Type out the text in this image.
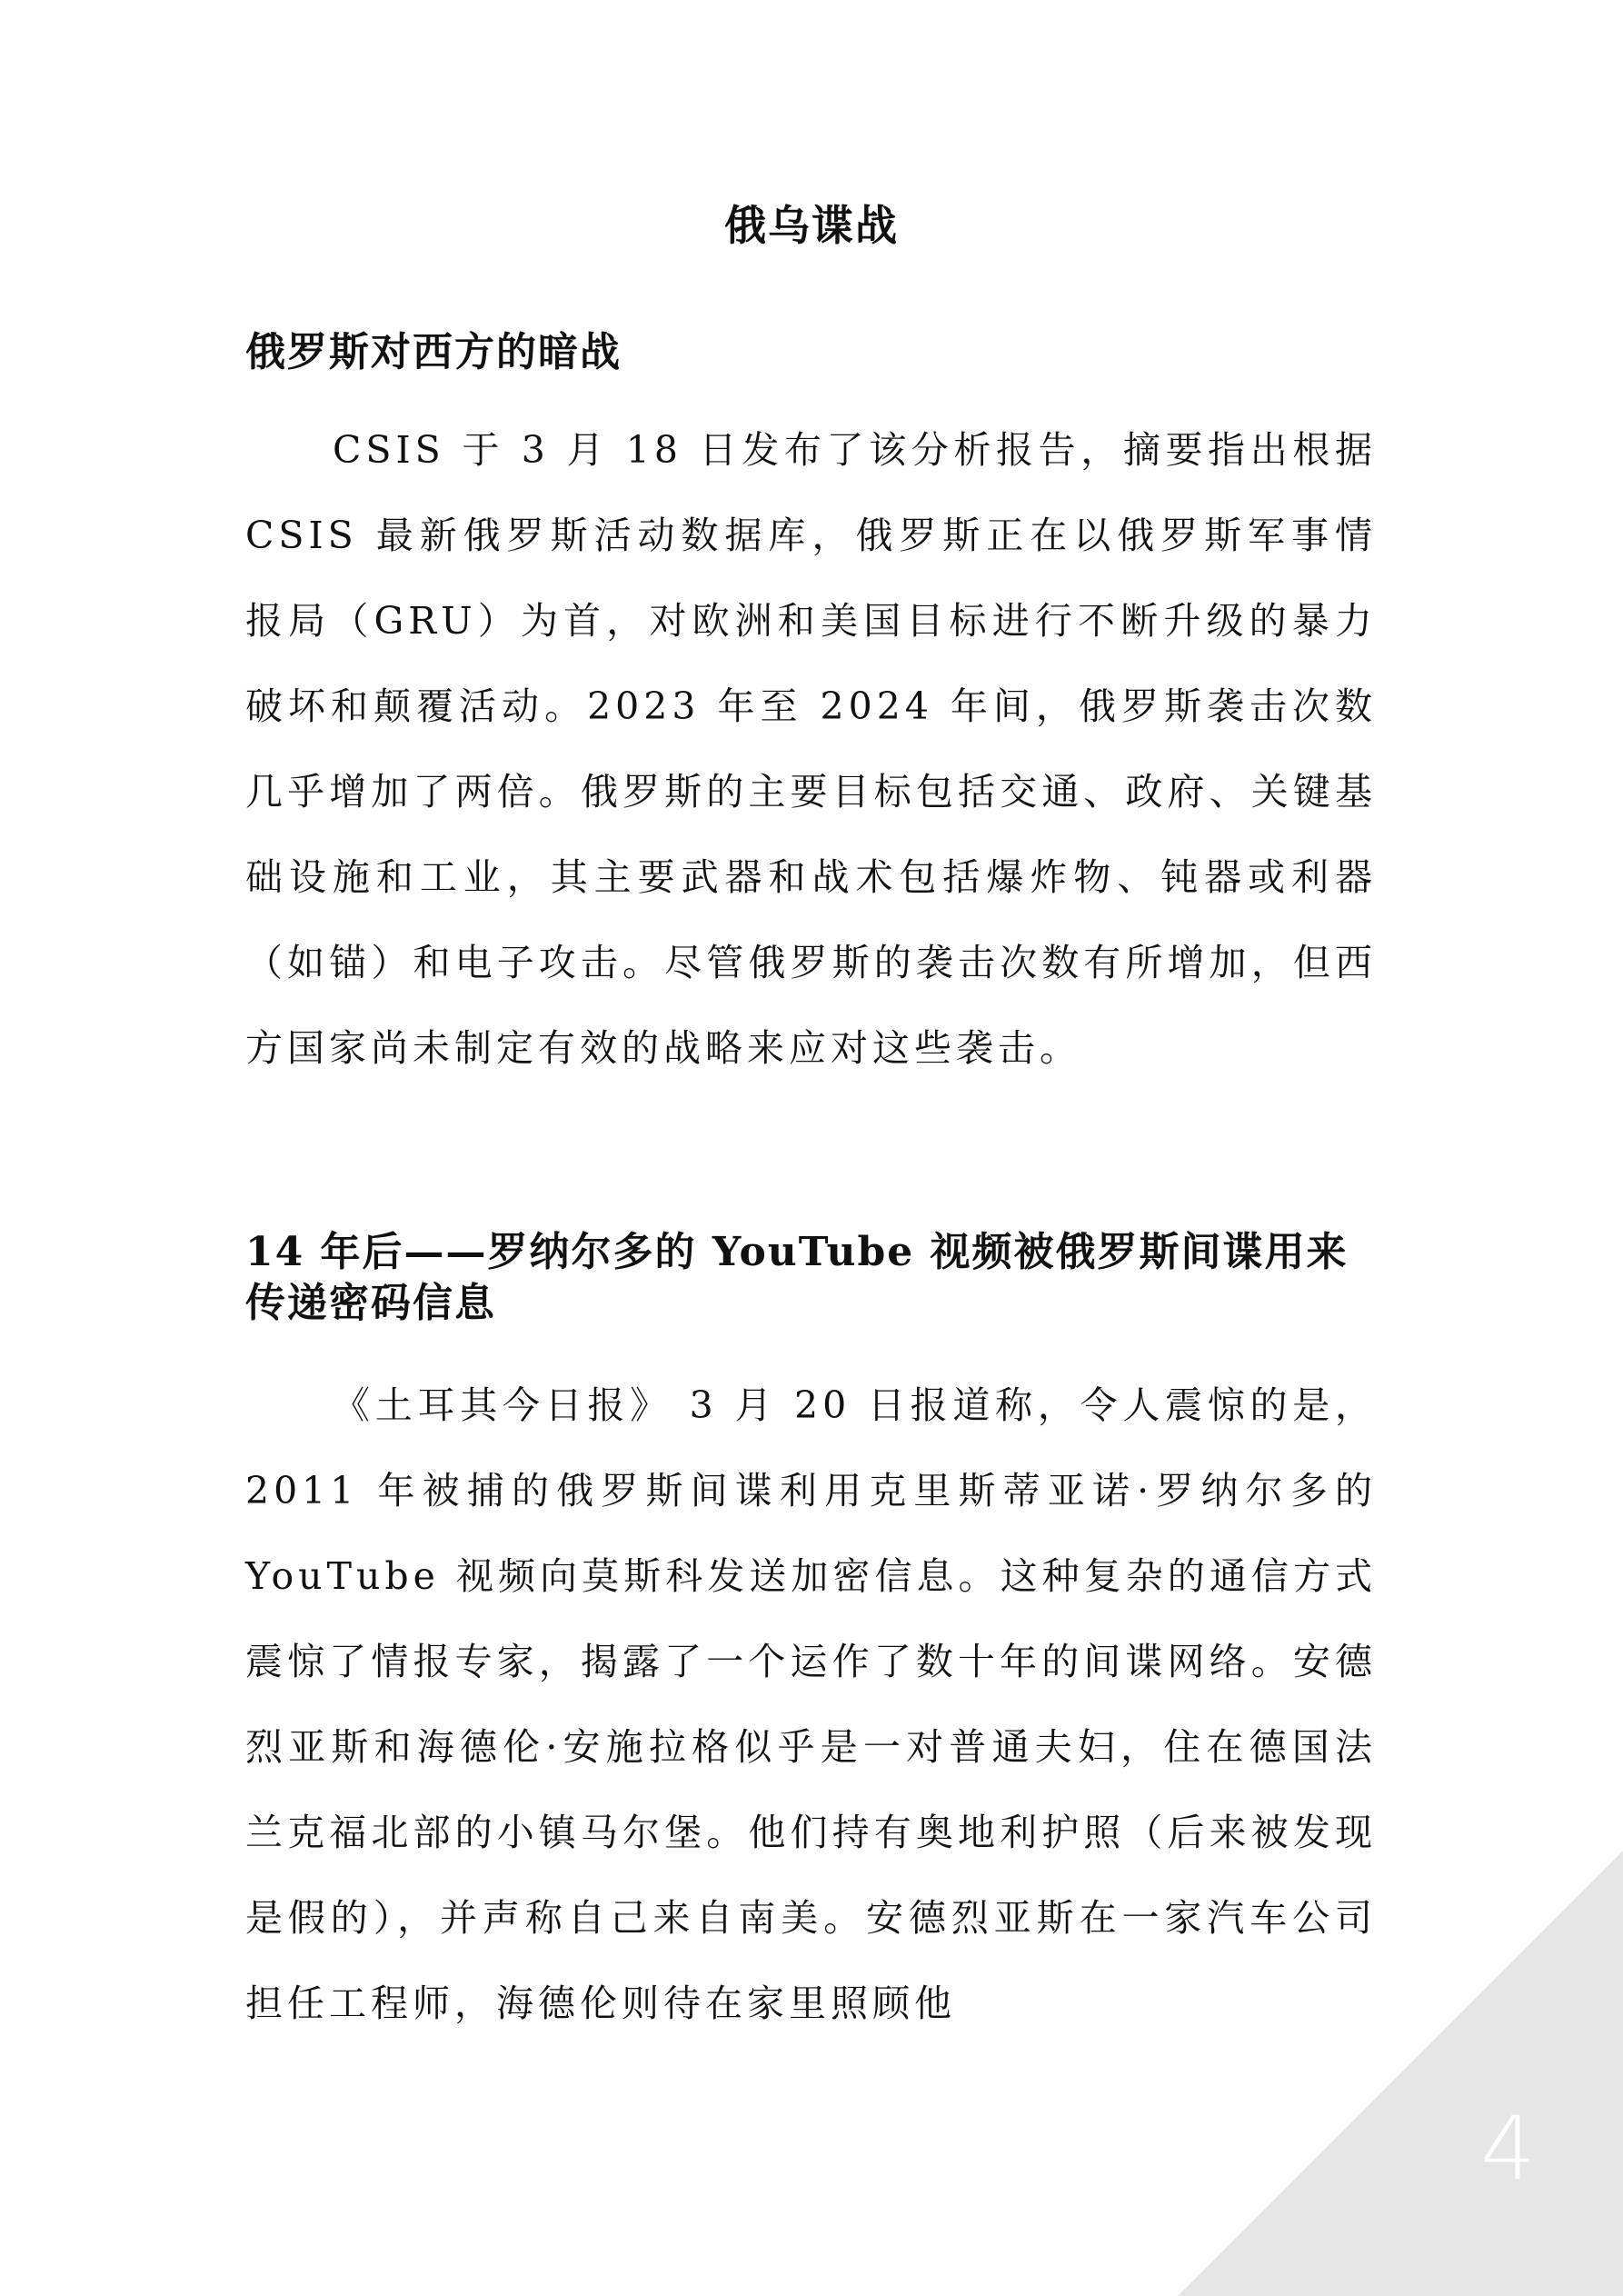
俄乌谍战
俄罗斯对西方的暗战

CSIS 于 3 月 18 日发布了该分析报告，摘要指出根据 CSIS 最新俄罗斯活动数据库，俄罗斯正在以俄罗斯军事情报局（GRU）为首，对欧洲和美国目标进行不断升级的暴力破坏和颠覆活动。2023 年至 2024 年间，俄罗斯袭击次数几乎增加了两倍。俄罗斯的主要目标包括交通、政府、关键基础设施和工业，其主要武器和战术包括爆炸物、钝器或利器（如锚）和电子攻击。尽管俄罗斯的袭击次数有所增加，但西方国家尚未制定有效的战略来应对这些袭击。

14 年后——罗纳尔多的 YouTube 视频被俄罗斯间谍用来传递密码信息

《土耳其今日报》 3 月 20 日报道称，令人震惊的是，2011 年被捕的俄罗斯间谍利用克里斯蒂亚诺·罗纳尔多的 YouTube 视频向莫斯科发送加密信息。这种复杂的通信方式震惊了情报专家，揭露了一个运作了数十年的间谍网络。安德烈亚斯和海德伦·安施拉格似乎是一对普通夫妇，住在德国法兰克福北部的小镇马尔堡。他们持有奥地利护照（后来被发现是假的），并声称自己来自南美。安德烈亚斯在一家汽车公司担任工程师，海德伦则待在家里照顾他

4
